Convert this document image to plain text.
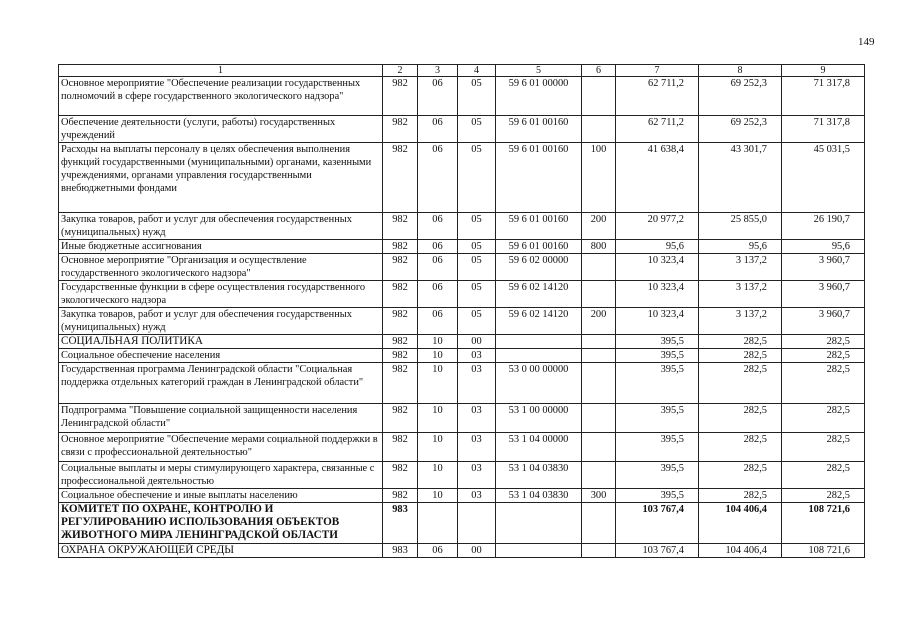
149
1	2	3	4	5	6	7	8	9
Основное мероприятие "Обеспечение реализации государственных полномочий в сфере государственного экологического надзора"	982	06	05	59 6 01 00000		62 711,2	69 252,3	71 317,8
Обеспечение деятельности (услуги, работы) государственных учреждений	982	06	05	59 6 01 00160		62 711,2	69 252,3	71 317,8
Расходы на выплаты персоналу в целях обеспечения выполнения функций государственными (муниципальными) органами, казенными учреждениями, органами управления государственными внебюджетными фондами	982	06	05	59 6 01 00160	100	41 638,4	43 301,7	45 031,5
Закупка товаров, работ и услуг для обеспечения государственных (муниципальных) нужд	982	06	05	59 6 01 00160	200	20 977,2	25 855,0	26 190,7
Иные бюджетные ассигнования	982	06	05	59 6 01 00160	800	95,6	95,6	95,6
Основное мероприятие "Организация и осуществление государственного экологического надзора"	982	06	05	59 6 02 00000		10 323,4	3 137,2	3 960,7
Государственные функции в сфере осуществления государственного экологического надзора	982	06	05	59 6 02 14120		10 323,4	3 137,2	3 960,7
Закупка товаров, работ и услуг для обеспечения государственных (муниципальных) нужд	982	06	05	59 6 02 14120	200	10 323,4	3 137,2	3 960,7
СОЦИАЛЬНАЯ ПОЛИТИКА	982	10	00			395,5	282,5	282,5
Социальное обеспечение населения	982	10	03			395,5	282,5	282,5
Государственная программа Ленинградской области "Социальная поддержка отдельных категорий граждан в Ленинградской области"	982	10	03	53 0 00 00000		395,5	282,5	282,5
Подпрограмма "Повышение социальной защищенности населения Ленинградской области"	982	10	03	53 1 00 00000		395,5	282,5	282,5
Основное мероприятие "Обеспечение мерами социальной поддержки в связи с профессиональной деятельностью"	982	10	03	53 1 04 00000		395,5	282,5	282,5
Социальные выплаты и меры стимулирующего характера, связанные с профессиональной деятельностью	982	10	03	53 1 04 03830		395,5	282,5	282,5
Социальное обеспечение и иные выплаты населению	982	10	03	53 1 04 03830	300	395,5	282,5	282,5
КОМИТЕТ ПО ОХРАНЕ, КОНТРОЛЮ И РЕГУЛИРОВАНИЮ ИСПОЛЬЗОВАНИЯ ОБЪЕКТОВ ЖИВОТНОГО МИРА ЛЕНИНГРАДСКОЙ ОБЛАСТИ	983					103 767,4	104 406,4	108 721,6
ОХРАНА ОКРУЖАЮЩЕЙ СРЕДЫ	983	06	00			103 767,4	104 406,4	108 721,6
